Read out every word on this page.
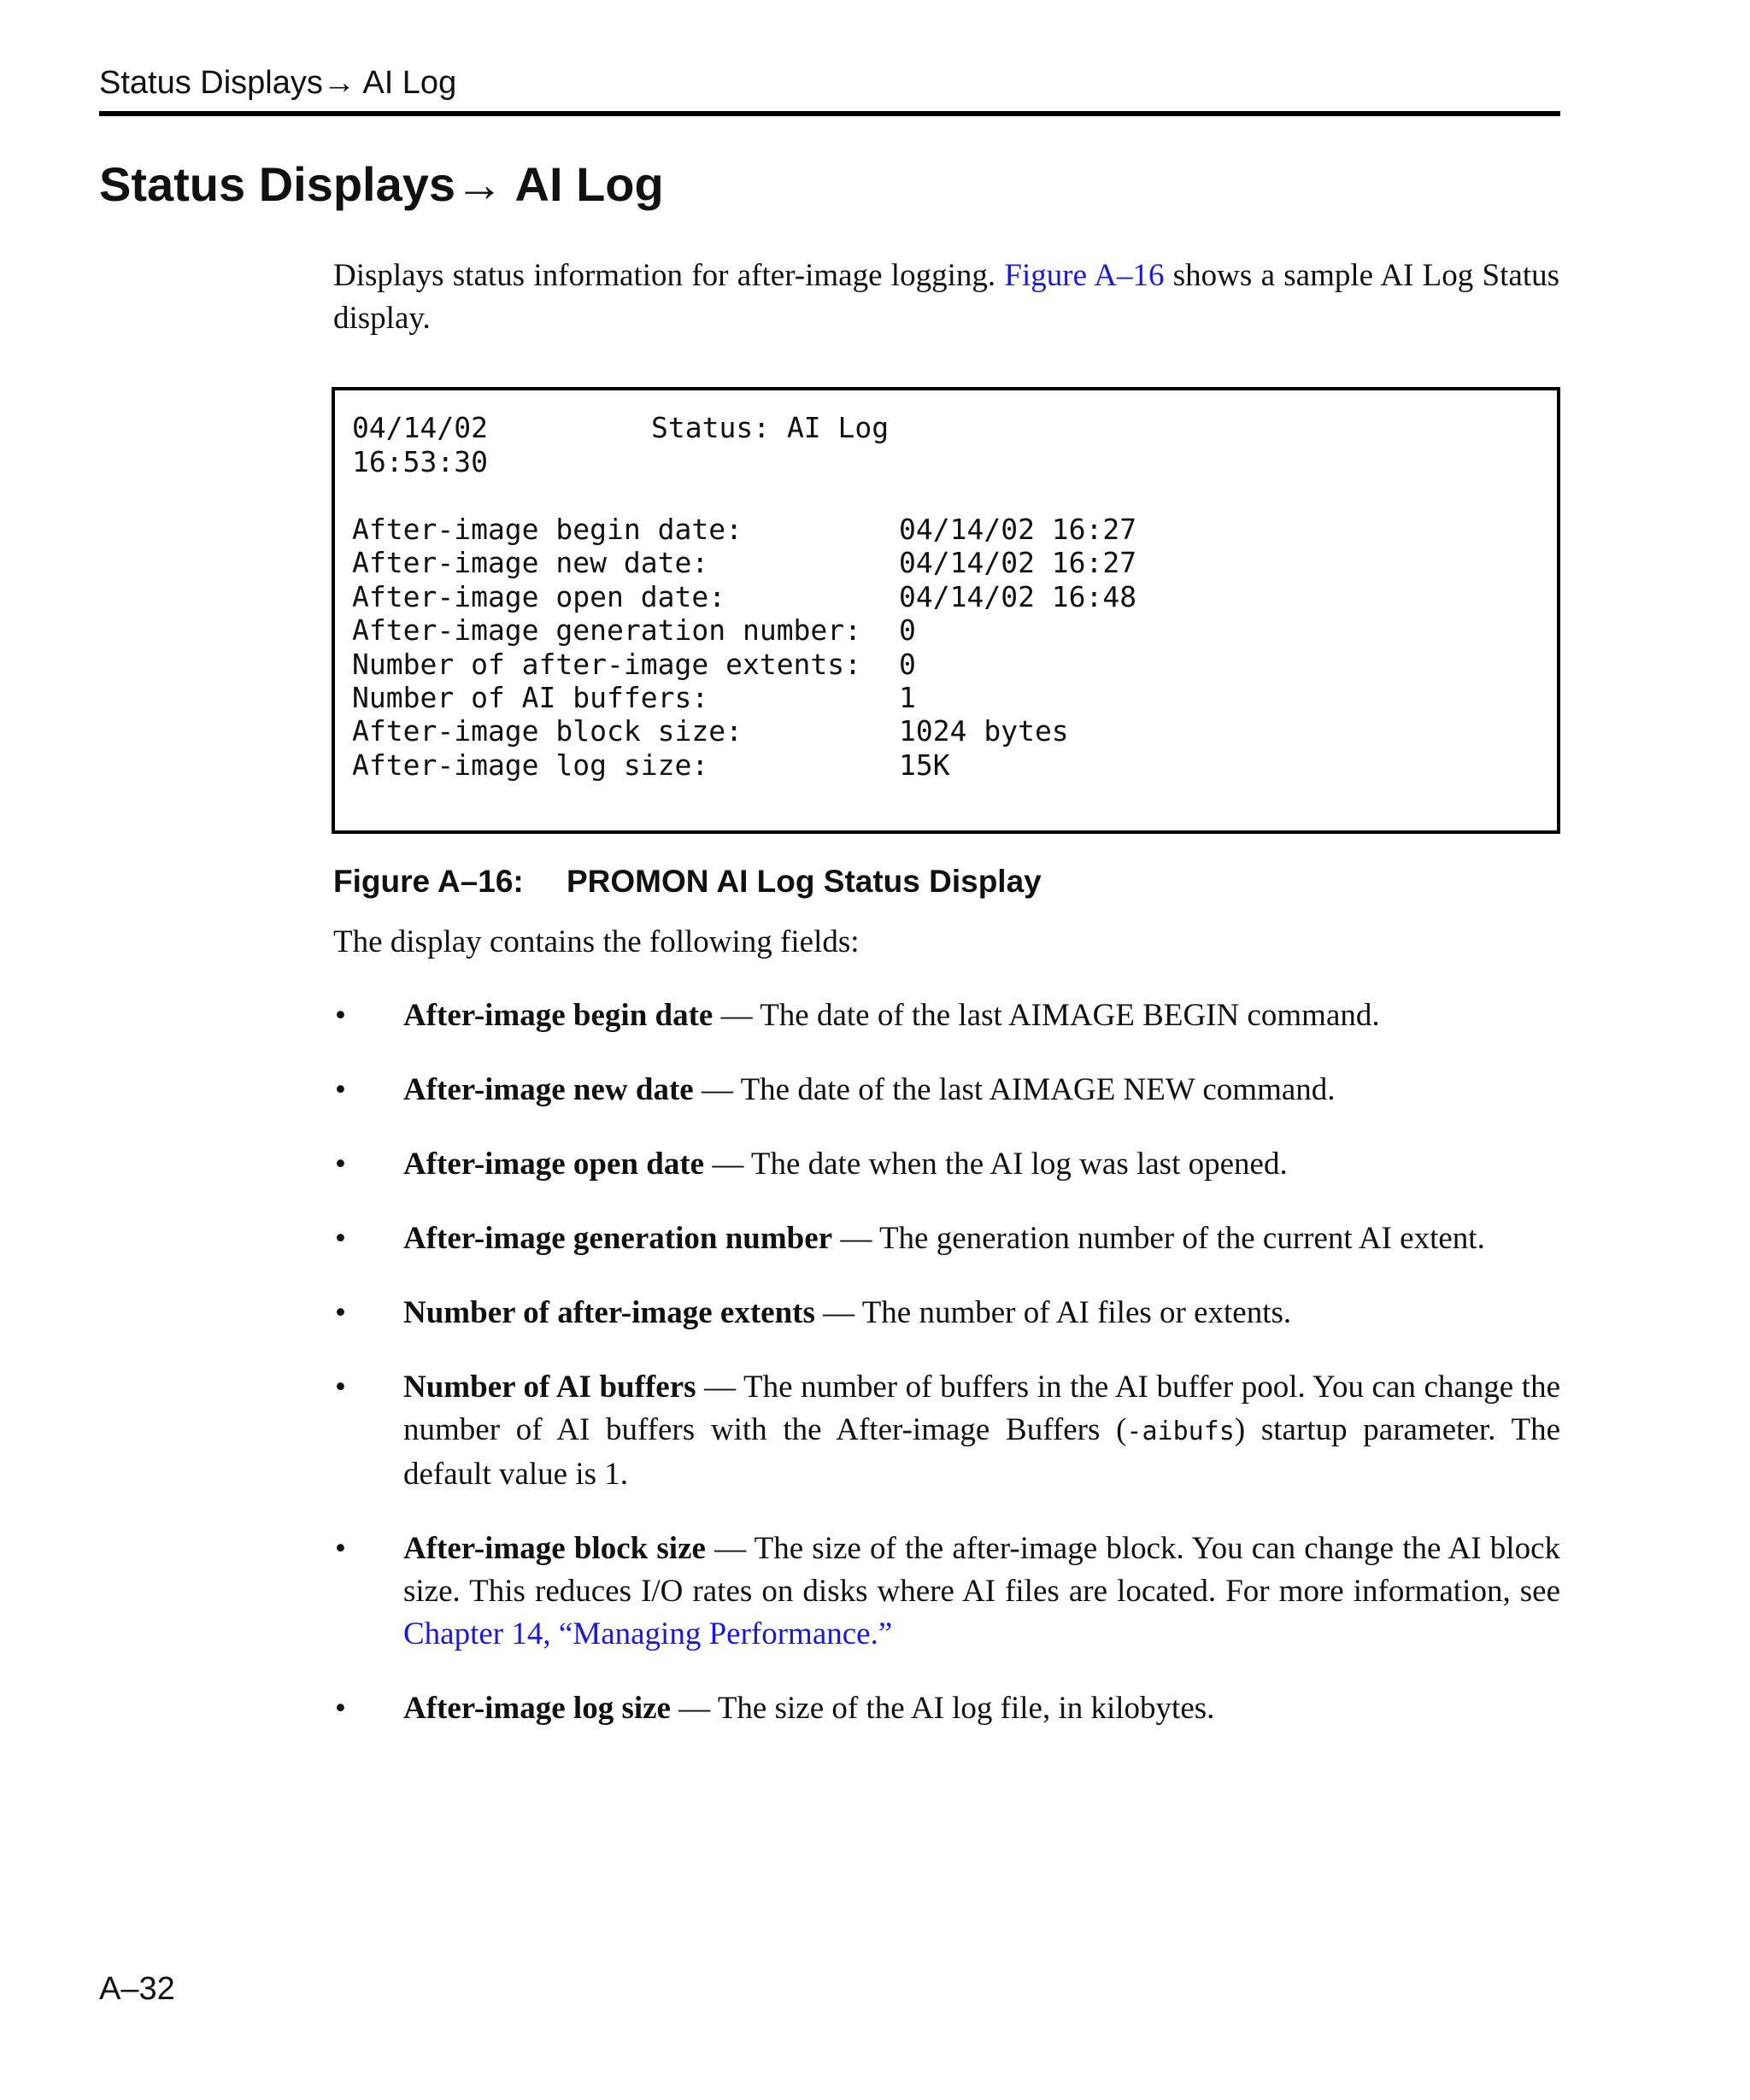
Status Displays→ AI Log
Status Displays→ AI Log

Displays status information for after-image logging. Figure A–16 shows a sample AI Log Status display.

04/14/02	Status: AI Log
16:53:30
After-image begin date:	04/14/02 16:27
After-image new date:	04/14/02 16:27
After-image open date:	04/14/02 16:48
After-image generation number: 0
Number of after-image extents: 0
Number of AI buffers:	1
After-image block size:	1024 bytes
After-image log size:	15K

Figure A–16: PROMON AI Log Status Display

The display contains the following fields:

• After-image begin date — The date of the last AIMAGE BEGIN command.
• After-image new date — The date of the last AIMAGE NEW command.
• After-image open date — The date when the AI log was last opened.
• After-image generation number — The generation number of the current AI extent.
• Number of after-image extents — The number of AI files or extents.
• Number of AI buffers — The number of buffers in the AI buffer pool. You can change the number of AI buffers with the After-image Buffers (-aibufs) startup parameter. The default value is 1.
• After-image block size — The size of the after-image block. You can change the AI block size. This reduces I/O rates on disks where AI files are located. For more information, see Chapter 14, “Managing Performance.”
• After-image log size — The size of the AI log file, in kilobytes.
A–32
